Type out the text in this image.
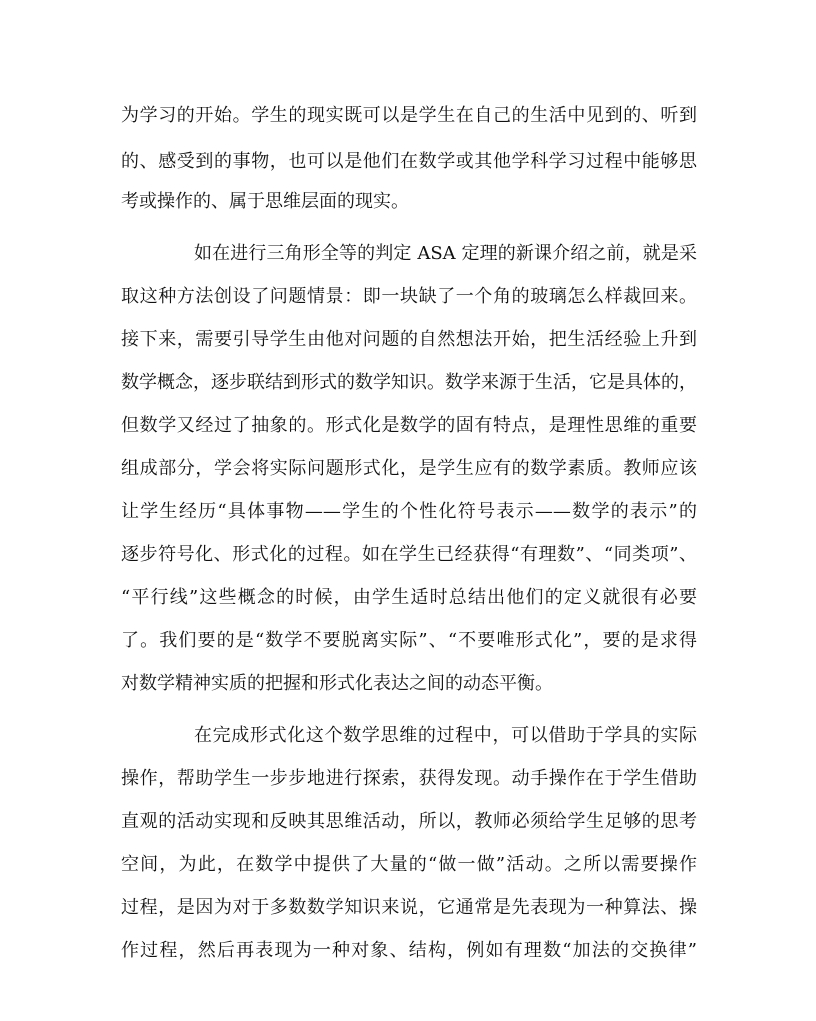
为学习的开始。学生的现实既可以是学生在自己的生活中见到的、听到
的、感受到的事物，也可以是他们在数学或其他学科学习过程中能够思
考或操作的、属于思维层面的现实。
如在进行三角形全等的判定 ASA 定理的新课介绍之前，就是采
取这种方法创设了问题情景：即一块缺了一个角的玻璃怎么样裁回来。
接下来，需要引导学生由他对问题的自然想法开始，把生活经验上升到
数学概念，逐步联结到形式的数学知识。数学来源于生活，它是具体的，
但数学又经过了抽象的。形式化是数学的固有特点，是理性思维的重要
组成部分，学会将实际问题形式化，是学生应有的数学素质。教师应该
让学生经历“具体事物——学生的个性化符号表示——数学的表示”的
逐步符号化、形式化的过程。如在学生已经获得“有理数”、“同类项”、
“平行线”这些概念的时候，由学生适时总结出他们的定义就很有必要
了。我们要的是“数学不要脱离实际”、“不要唯形式化”，要的是求得
对数学精神实质的把握和形式化表达之间的动态平衡。
在完成形式化这个数学思维的过程中，可以借助于学具的实际
操作，帮助学生一步步地进行探索，获得发现。动手操作在于学生借助
直观的活动实现和反映其思维活动，所以，教师必须给学生足够的思考
空间，为此，在数学中提供了大量的“做一做”活动。之所以需要操作
过程，是因为对于多数数学知识来说，它通常是先表现为一种算法、操
作过程，然后再表现为一种对象、结构，例如有理数“加法的交换律”
